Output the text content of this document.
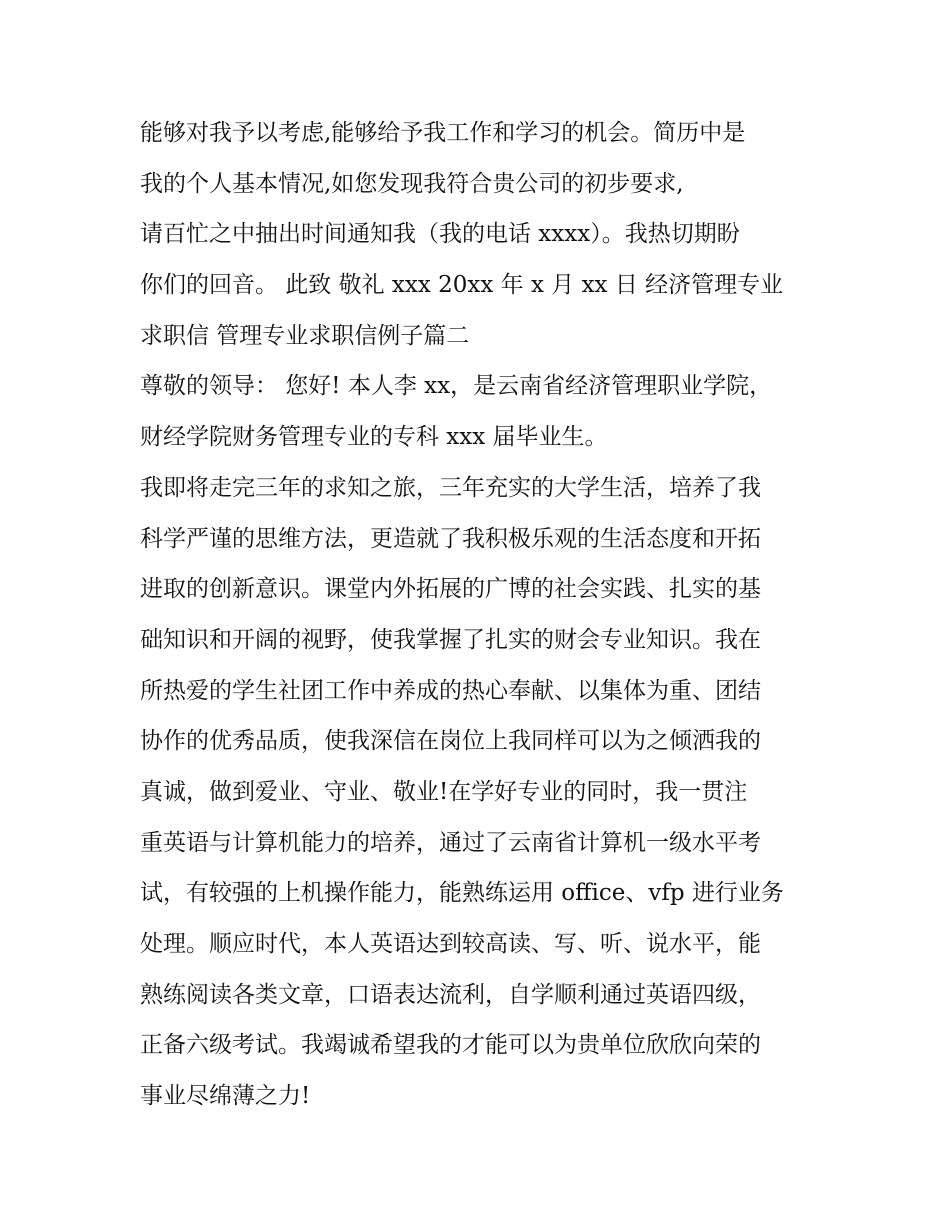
能够对我予以考虑,能够给予我工作和学习的机会。简历中是

我的个人基本情况,如您发现我符合贵公司的初步要求,

请百忙之中抽出时间通知我（我的电话 xxxx）。我热切期盼

你们的回音。 此致 敬礼 xxx 20xx 年 x 月 xx 日 经济管理专业

求职信 管理专业求职信例子篇二

尊敬的领导： 您好! 本人李 xx，是云南省经济管理职业学院，

财经学院财务管理专业的专科 xxx 届毕业生。

我即将走完三年的求知之旅，三年充实的大学生活，培养了我

科学严谨的思维方法，更造就了我积极乐观的生活态度和开拓

进取的创新意识。课堂内外拓展的广博的社会实践、扎实的基

础知识和开阔的视野，使我掌握了扎实的财会专业知识。我在

所热爱的学生社团工作中养成的热心奉献、以集体为重、团结

协作的优秀品质，使我深信在岗位上我同样可以为之倾洒我的

真诚，做到爱业、守业、敬业!在学好专业的同时，我一贯注

重英语与计算机能力的培养，通过了云南省计算机一级水平考

试，有较强的上机操作能力，能熟练运用 office、vfp 进行业务

处理。顺应时代，本人英语达到较高读、写、听、说水平，能

熟练阅读各类文章，口语表达流利，自学顺利通过英语四级，

正备六级考试。我竭诚希望我的才能可以为贵单位欣欣向荣的

事业尽绵薄之力!
